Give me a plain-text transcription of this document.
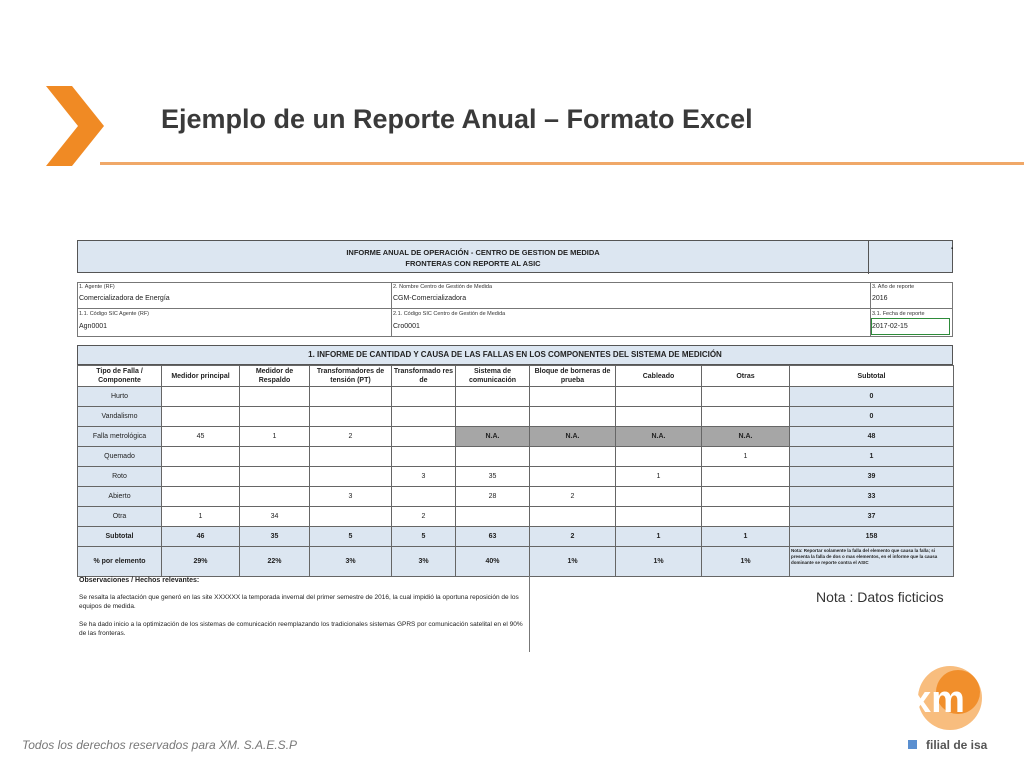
Ejemplo de un Reporte Anual – Formato Excel
INFORME ANUAL DE OPERACIÓN - CENTRO DE GESTION DE MEDIDA
FRONTERAS CON REPORTE AL ASIC
▪
1. Agente (RF)
Comercializadora de Energía
2. Nombre Centro de Gestión de Medida
CGM-Comercializadora
3. Año de reporte
2016
1.1. Código SIC Agente (RF)
Agn0001
2.1. Código SIC Centro de Gestión de Medida
Cro0001
3.1. Fecha de reporte
2017-02-15
1. INFORME DE CANTIDAD Y CAUSA DE LAS FALLAS EN LOS COMPONENTES DEL SISTEMA DE MEDICIÓN
Tipo de Falla / Componente	Medidor principal	Medidor de Respaldo	Transformadores de tensión (PT)	Transformado res de	Sistema de comunicación	Bloque de borneras de prueba	Cableado	Otras	Subtotal
Hurto									0
Vandalismo									0
Falla metrológica	45	1	2		N.A.	N.A.	N.A.	N.A.	48
Quemado								1	1
Roto				3	35		1		39
Abierto			3		28	2			33
Otra	1	34		2					37
Subtotal	46	35	5	5	63	2	1	1	158
% por elemento	29%	22%	3%	3%	40%	1%	1%	1%	Nota: Reportar solamente la falla del elemento que causa la falla; si presenta la falla de dos o mas elementos, en el informe que la causa dominante se reporte contra el ASIC
Observaciones / Hechos relevantes:
Se resalta la afectación que generó en las site XXXXXX la temporada invernal del primer semestre de 2016, la cual impidió la oportuna reposición de los equipos de medida.
Se ha dado inicio a la optimización de los sistemas de comunicación reemplazando los tradicionales sistemas GPRS por comunicación satelital en el 90% de las fronteras.
Nota : Datos ficticios
Todos los derechos reservados para XM. S.A.E.S.P
xm
filial de isa
